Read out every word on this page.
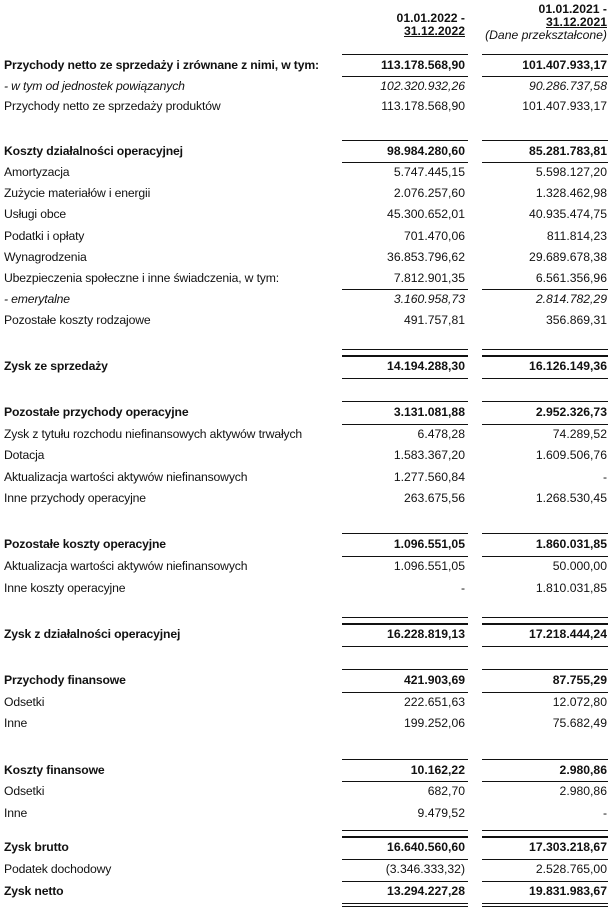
01.01.2022 -
31.12.2022
01.01.2021 -
31.12.2021
(Dane przekształcone)
Przychody netto ze sprzedaży i zrównane z nimi, w tym:	113.178.568,90	101.407.933,17
- w tym od jednostek powiązanych	102.320.932,26	90.286.737,58
Przychody netto ze sprzedaży produktów	113.178.568,90	101.407.933,17
Koszty działalności operacyjnej	98.984.280,60	85.281.783,81
Amortyzacja	5.747.445,15	5.598.127,20
Zużycie materiałów i energii	2.076.257,60	1.328.462,98
Usługi obce	45.300.652,01	40.935.474,75
Podatki i opłaty	701.470,06	811.814,23
Wynagrodzenia	36.853.796,62	29.689.678,38
Ubezpieczenia społeczne i inne świadczenia, w tym:	7.812.901,35	6.561.356,96
- emerytalne	3.160.958,73	2.814.782,29
Pozostałe koszty rodzajowe	491.757,81	356.869,31
Zysk ze sprzedaży	14.194.288,30	16.126.149,36
Pozostałe przychody operacyjne	3.131.081,88	2.952.326,73
Zysk z tytułu rozchodu niefinansowych aktywów trwałych	6.478,28	74.289,52
Dotacja	1.583.367,20	1.609.506,76
Aktualizacja wartości aktywów niefinansowych	1.277.560,84	-
Inne przychody operacyjne	263.675,56	1.268.530,45
Pozostałe koszty operacyjne	1.096.551,05	1.860.031,85
Aktualizacja wartości aktywów niefinansowych	1.096.551,05	50.000,00
Inne koszty operacyjne	-	1.810.031,85
Zysk z działalności operacyjnej	16.228.819,13	17.218.444,24
Przychody finansowe	421.903,69	87.755,29
Odsetki	222.651,63	12.072,80
Inne	199.252,06	75.682,49
Koszty finansowe	10.162,22	2.980,86
Odsetki	682,70	2.980,86
Inne	9.479,52	-
Zysk brutto	16.640.560,60	17.303.218,67
Podatek dochodowy	(3.346.333,32)	2.528.765,00
Zysk netto	13.294.227,28	19.831.983,67
